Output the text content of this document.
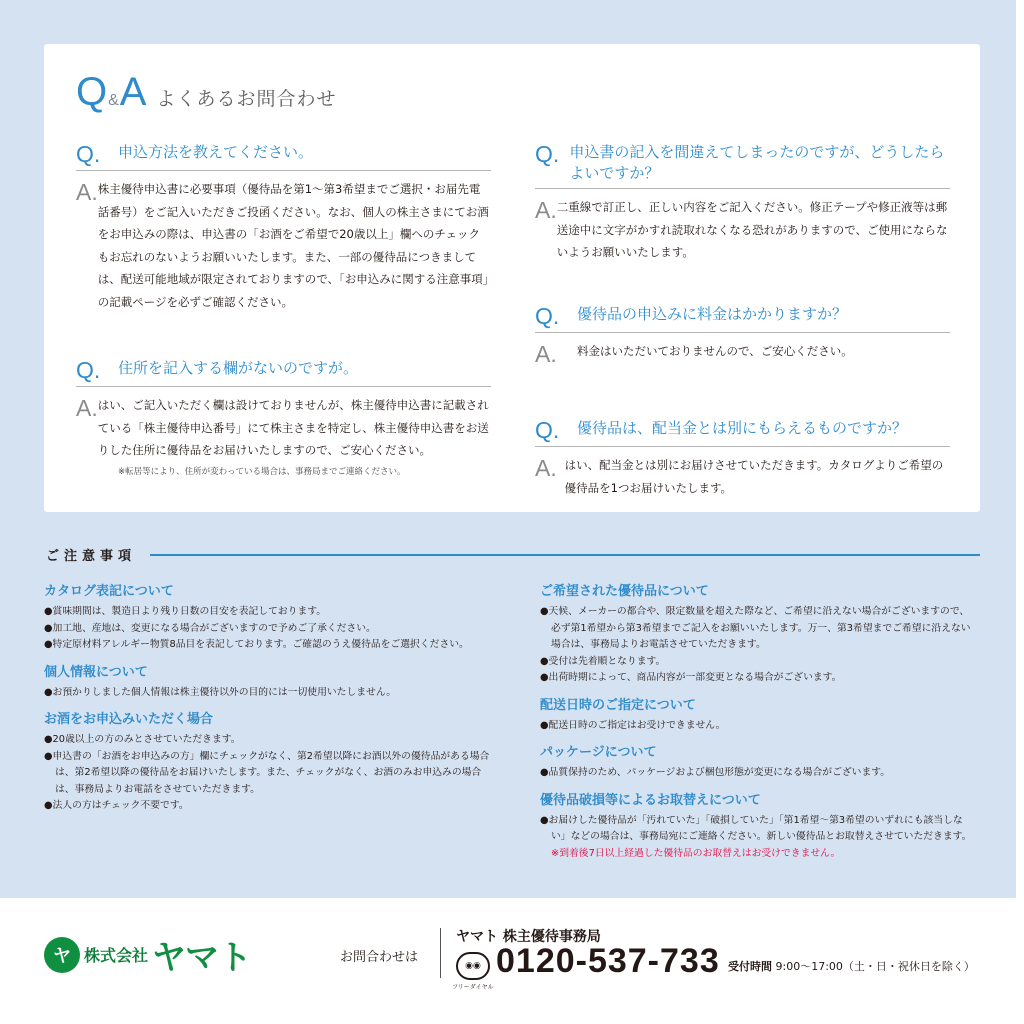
Q & A よくあるお問合わせ
Q.	申込方法を教えてください。
A. 株主優待申込書に必要事項（優待品を第1〜第3希望までご選択・お届先電話番号）をご記入いただきご投函ください。なお、個人の株主さまにてお酒をお申込みの際は、申込書の「お酒をご希望で20歳以上」欄へのチェックもお忘れのないようお願いいたします。また、一部の優待品につきましては、配送可能地域が限定されておりますので、「お申込みに関する注意事項」の記載ページを必ずご確認ください。
Q.	住所を記入する欄がないのですが。
A. はい、ご記入いただく欄は設けておりませんが、株主優待申込書に記載されている「株主優待申込番号」にて株主さまを特定し、株主優待申込書をお送りした住所に優待品をお届けいたしますので、ご安心ください。
※転居等により、住所が変わっている場合は、事務局までご連絡ください。
Q. 申込書の記入を間違えてしまったのですが、どうしたらよいですか？
A. 二重線で訂正し、正しい内容をご記入ください。修正テープや修正液等は郵送途中に文字がかすれ読取れなくなる恐れがありますので、ご使用にならないようお願いいたします。
Q.	優待品の申込みに料金はかかりますか？
A.	料金はいただいておりませんので、ご安心ください。
Q.	優待品は、配当金とは別にもらえるものですか？
A. はい、配当金とは別にお届けさせていただきます。カタログよりご希望の優待品を1つお届けいたします。
ご注意事項
カタログ表記について
●賞味期間は、製造日より残り日数の目安を表記しております。
●加工地、産地は、変更になる場合がございますので予めご了承ください。
●特定原材料アレルギー物質8品目を表記しております。ご確認のうえ優待品をご選択ください。
個人情報について
●お預かりしました個人情報は株主優待以外の目的には一切使用いたしません。
お酒をお申込みいただく場合
●20歳以上の方のみとさせていただきます。
●申込書の「お酒をお申込みの方」欄にチェックがなく、第2希望以降にお酒以外の優待品がある場合は、第2希望以降の優待品をお届けいたします。また、チェックがなく、お酒のみお申込みの場合は、事務局よりお電話をさせていただきます。
●法人の方はチェック不要です。
ご希望された優待品について
●天候、メーカーの都合や、限定数量を超えた際など、ご希望に沿えない場合がございますので、必ず第1希望から第3希望までご記入をお願いいたします。万一、第3希望までご希望に沿えない場合は、事務局よりお電話させていただきます。
●受付は先着順となります。
●出荷時期によって、商品内容が一部変更となる場合がございます。
配送日時のご指定について
●配送日時のご指定はお受けできません。
パッケージについて
●品質保持のため、パッケージおよび梱包形態が変更になる場合がございます。
優待品破損等によるお取替えについて
●お届けした優待品が「汚れていた」「破損していた」「第1希望〜第3希望のいずれにも該当しない」などの場合は、事務局宛にご連絡ください。新しい優待品とお取替えさせていただきます。
※到着後7日以上経過した優待品のお取替えはお受けできません。
ヤ 株式会社 ヤマト	お問合わせは
ヤマト 株主優待事務局
◉◉
フリーダイヤル
0120-537-733 受付時間 9:00〜17:00（土・日・祝休日を除く）
